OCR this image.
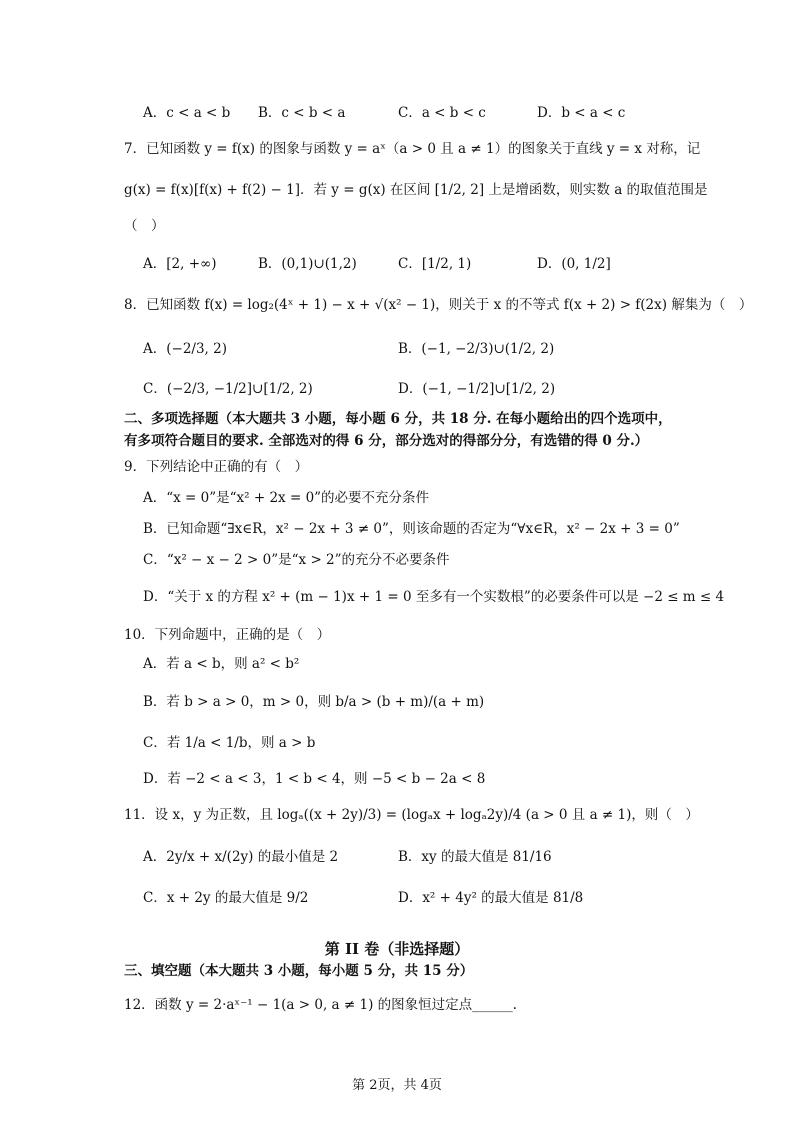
A．c < a < b B．c < b < a	C．a < b < c	D．b < a < c
7．已知函数 y = f(x) 的图象与函数 y = aˣ（a > 0 且 a ≠ 1）的图象关于直线 y = x 对称，记
g(x) = f(x)[f(x) + f(2) − 1]．若 y = g(x) 在区间 [1/2, 2] 上是增函数，则实数 a 的取值范围是
（　）
A．[2, +∞)	B．(0,1)∪(1,2)	C．[1/2, 1)	D．(0, 1/2]
8．已知函数 f(x) = log₂(4ˣ + 1) − x + √(x² − 1)，则关于 x 的不等式 f(x + 2) > f(2x) 解集为（　）
A．(−2/3, 2)	B．(−1, −2/3)∪(1/2, 2)
C．(−2/3, −1/2]∪[1/2, 2)	D．(−1, −1/2]∪[1/2, 2)
二、多项选择题（本大题共 3 小题，每小题 6 分，共 18 分. 在每小题给出的四个选项中，
有多项符合题目的要求. 全部选对的得 6 分，部分选对的得部分分，有选错的得 0 分.）
9．下列结论中正确的有（　）
A．“x = 0”是“x² + 2x = 0”的必要不充分条件
B．已知命题“∃x∈R，x² − 2x + 3 ≠ 0”，则该命题的否定为“∀x∈R，x² − 2x + 3 = 0”
C．“x² − x − 2 > 0”是“x > 2”的充分不必要条件
D．“关于 x 的方程 x² + (m − 1)x + 1 = 0 至多有一个实数根”的必要条件可以是 −2 ≤ m ≤ 4
10．下列命题中，正确的是（　）
A．若 a < b，则 a² < b²
B．若 b > a > 0，m > 0，则 b/a > (b + m)/(a + m)
C．若 1/a < 1/b，则 a > b
D．若 −2 < a < 3，1 < b < 4，则 −5 < b − 2a < 8
11．设 x，y 为正数，且 logₐ((x + 2y)/3) = (logₐx + logₐ2y)/4 (a > 0 且 a ≠ 1)，则（　）
A．2y/x + x/(2y) 的最小值是 2	B．xy 的最大值是 81/16
C．x + 2y 的最大值是 9/2	D．x² + 4y² 的最大值是 81/8
第 II 卷（非选择题）
三、填空题（本大题共 3 小题，每小题 5 分，共 15 分）
12．函数 y = 2·aˣ⁻¹ − 1(a > 0, a ≠ 1) 的图象恒过定点______.
第 2页，共 4页
